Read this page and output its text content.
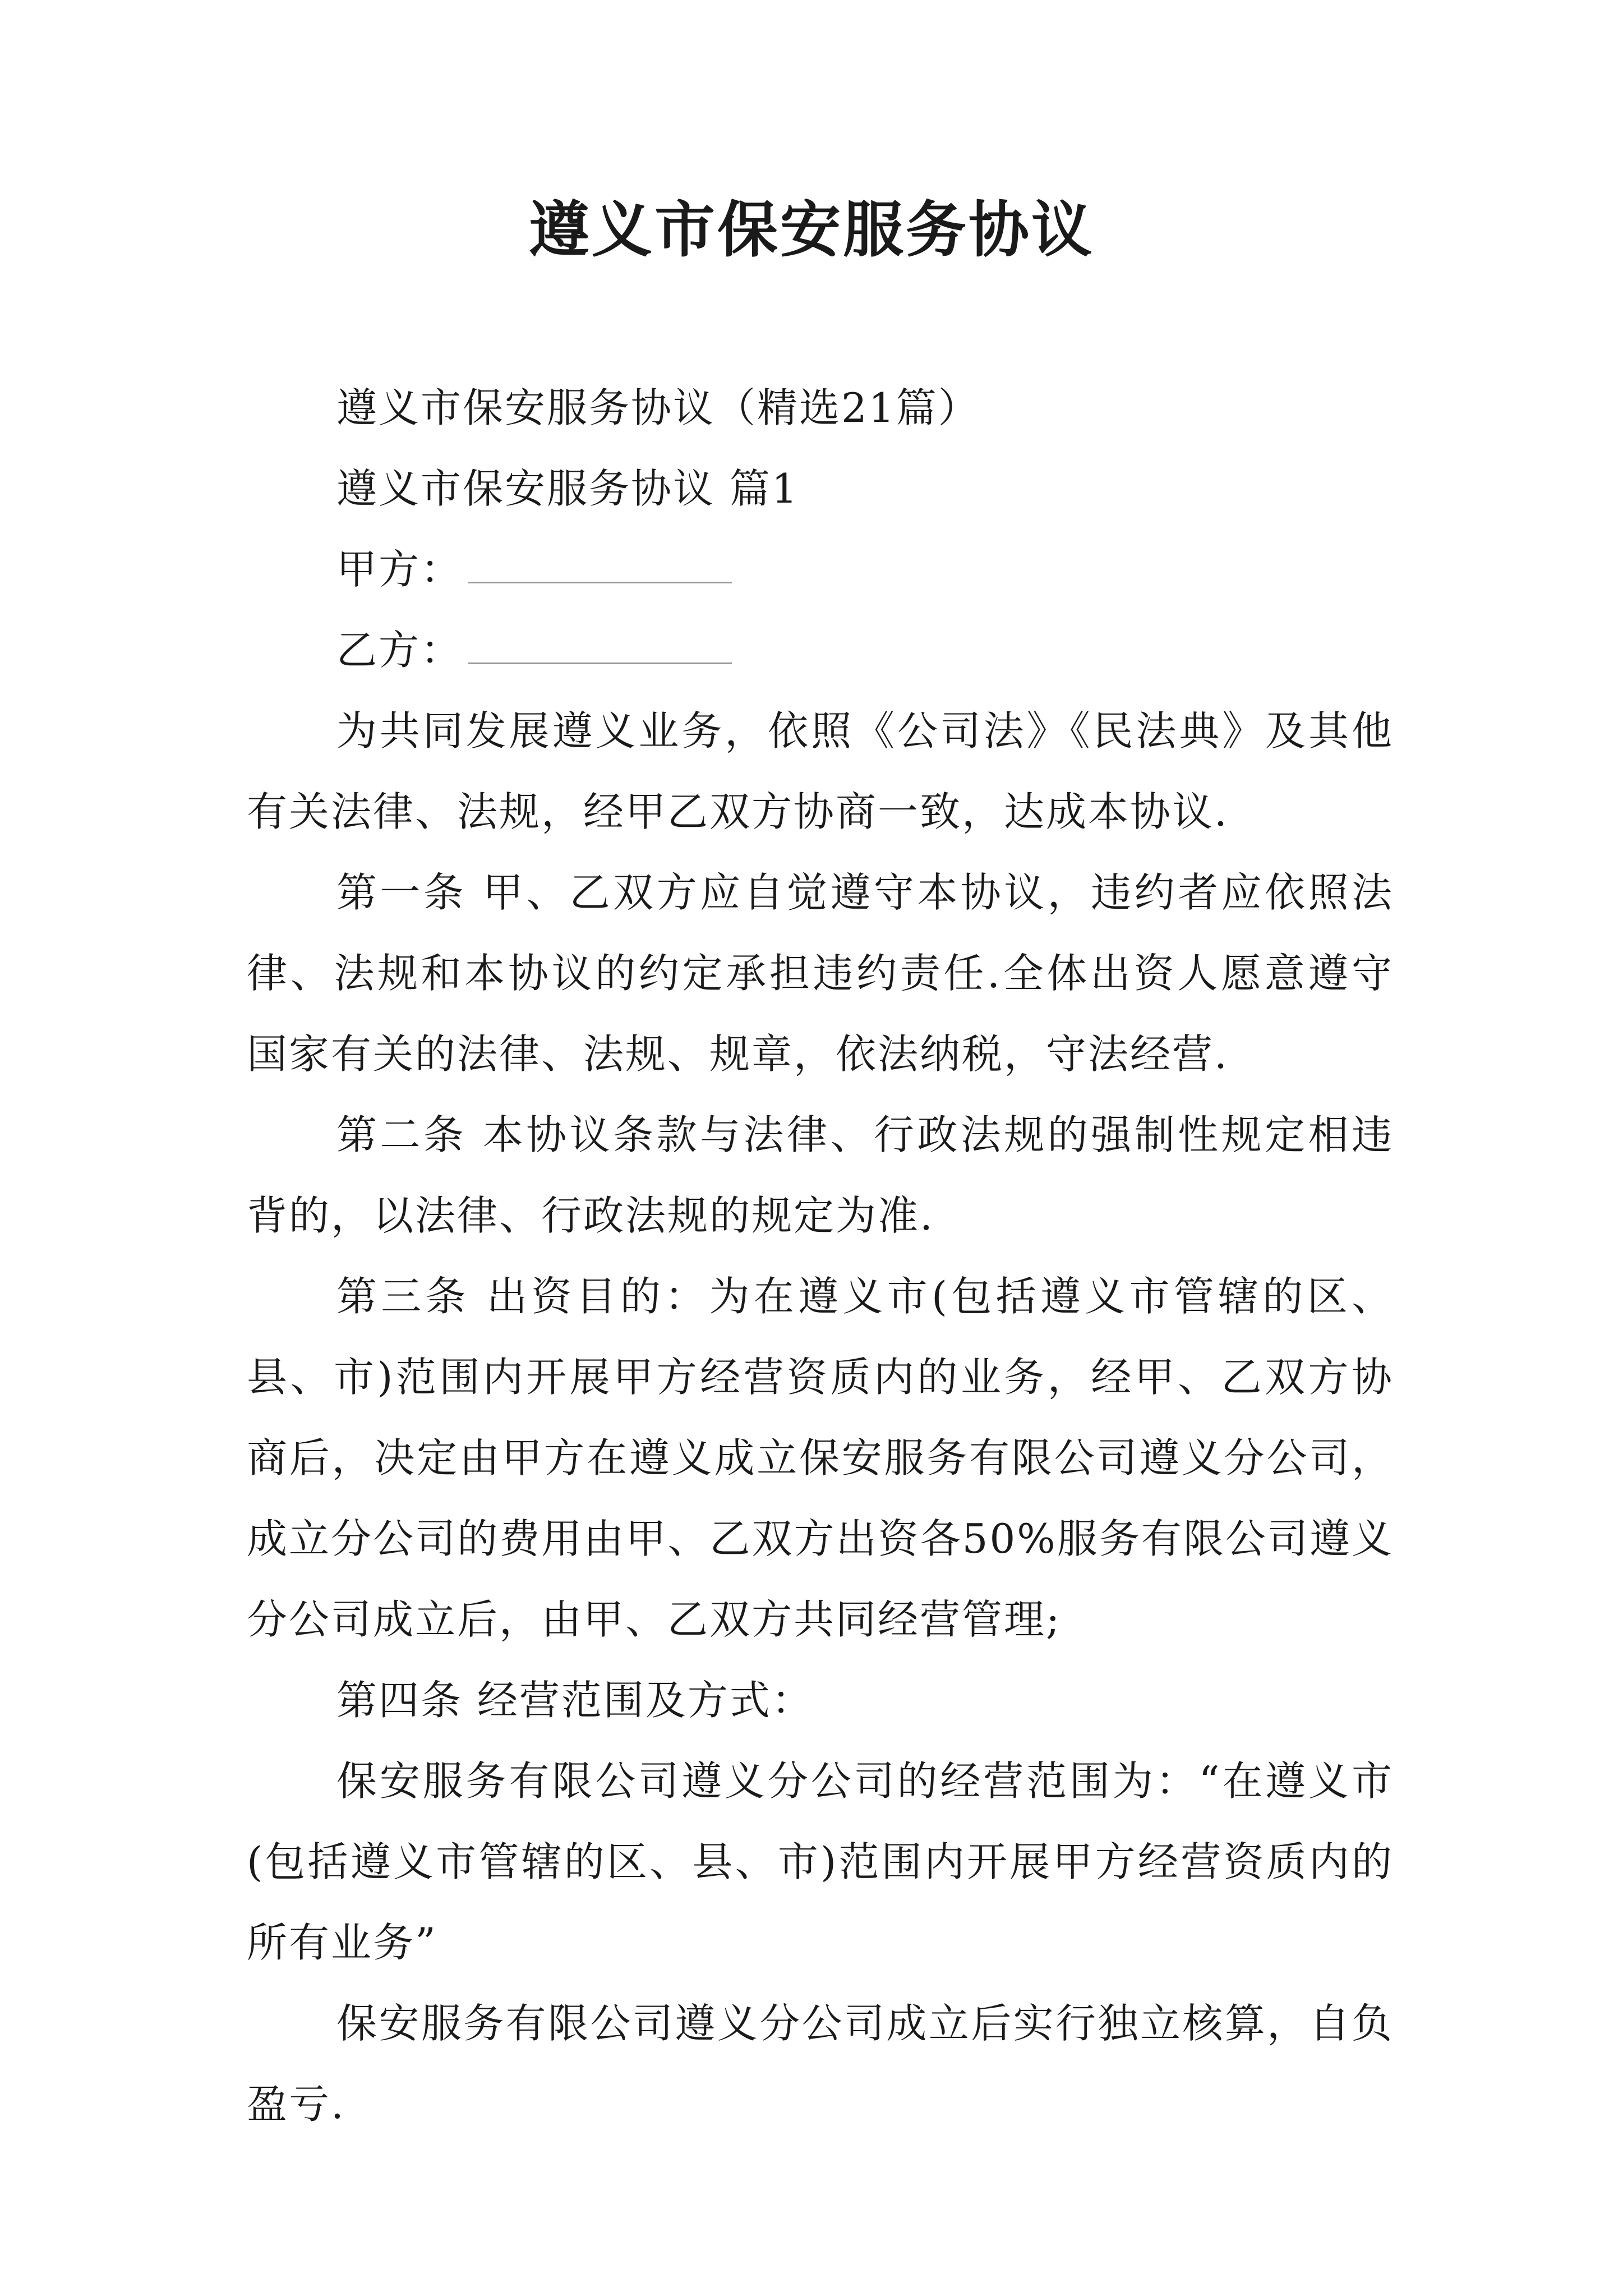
遵义市保安服务协议

遵义市保安服务协议（精选21篇）

遵义市保安服务协议 篇1

甲方：

乙方：

为共同发展遵义业务，依照《公司法》《民法典》及其他有关法律、法规，经甲乙双方协商一致，达成本协议.

第一条 甲、乙双方应自觉遵守本协议，违约者应依照法律、法规和本协议的约定承担违约责任.全体出资人愿意遵守国家有关的法律、法规、规章，依法纳税，守法经营.

第二条 本协议条款与法律、行政法规的强制性规定相违背的，以法律、行政法规的规定为准.

第三条 出资目的：为在遵义市(包括遵义市管辖的区、县、市)范围内开展甲方经营资质内的业务，经甲、乙双方协商后，决定由甲方在遵义成立保安服务有限公司遵义分公司，成立分公司的费用由甲、乙双方出资各50%服务有限公司遵义分公司成立后，由甲、乙双方共同经营管理;

第四条 经营范围及方式：

保安服务有限公司遵义分公司的经营范围为：“在遵义市(包括遵义市管辖的区、县、市)范围内开展甲方经营资质内的所有业务”

保安服务有限公司遵义分公司成立后实行独立核算，自负盈亏.
